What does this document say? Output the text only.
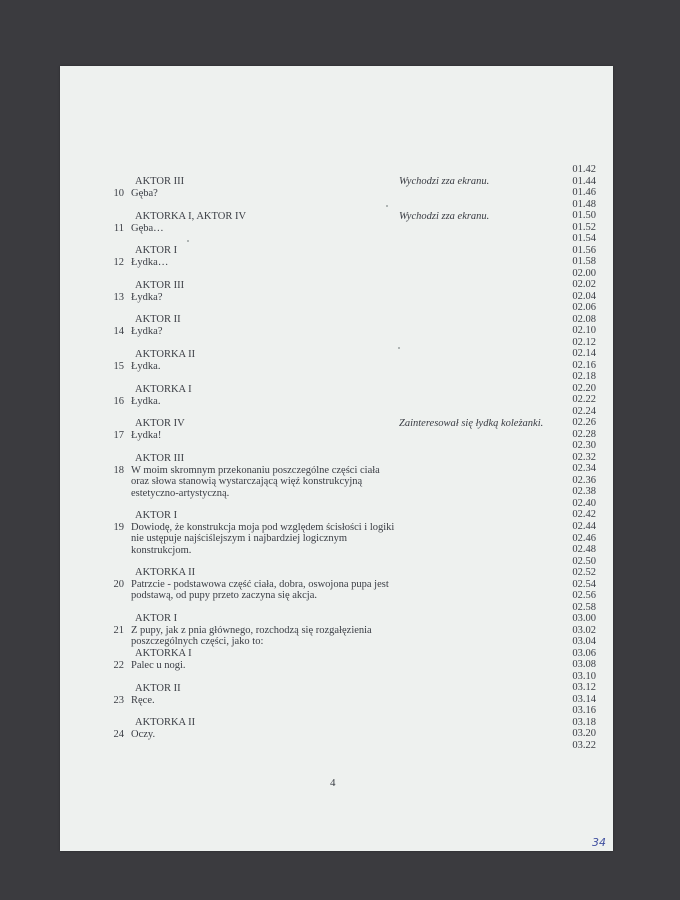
01.42
01.44
01.46
01.48
01.50
01.52
01.54
01.56
01.58
02.00
02.02
02.04
02.06
02.08
02.10
02.12
02.14
02.16
02.18
02.20
02.22
02.24
02.26
02.28
02.30
02.32
02.34
02.36
02.38
02.40
02.42
02.44
02.46
02.48
02.50
02.52
02.54
02.56
02.58
03.00
03.02
03.04
03.06
03.08
03.10
03.12
03.14
03.16
03.18
03.20
03.22
AKTOR III
10 Gęba?
Wychodzi zza ekranu.
AKTORKA I, AKTOR IV
11 Gęba…
Wychodzi zza ekranu.
AKTOR I
12 Łydka…
AKTOR III
13 Łydka?
AKTOR II
14 Łydka?
AKTORKA II
15 Łydka.
AKTORKA I
16 Łydka.
AKTOR IV
17 Łydka!
Zainteresował się łydką koleżanki.
AKTOR III
18 W moim skromnym przekonaniu poszczególne części ciała
oraz słowa stanowią wystarczającą więź konstrukcyjną
estetyczno-artystyczną.
AKTOR I
19 Dowiodę, że konstrukcja moja pod względem ścisłości i logiki
nie ustępuje najściślejszym i najbardziej logicznym
konstrukcjom.
AKTORKA II
20 Patrzcie - podstawowa część ciała, dobra, oswojona pupa jest
podstawą, od pupy przeto zaczyna się akcja.
AKTOR I
21 Z pupy, jak z pnia głównego, rozchodzą się rozgałęzienia
poszczególnych części, jako to:
AKTORKA I
22 Palec u nogi.
AKTOR II
23 Ręce.
AKTORKA II
24 Oczy.
4
34
